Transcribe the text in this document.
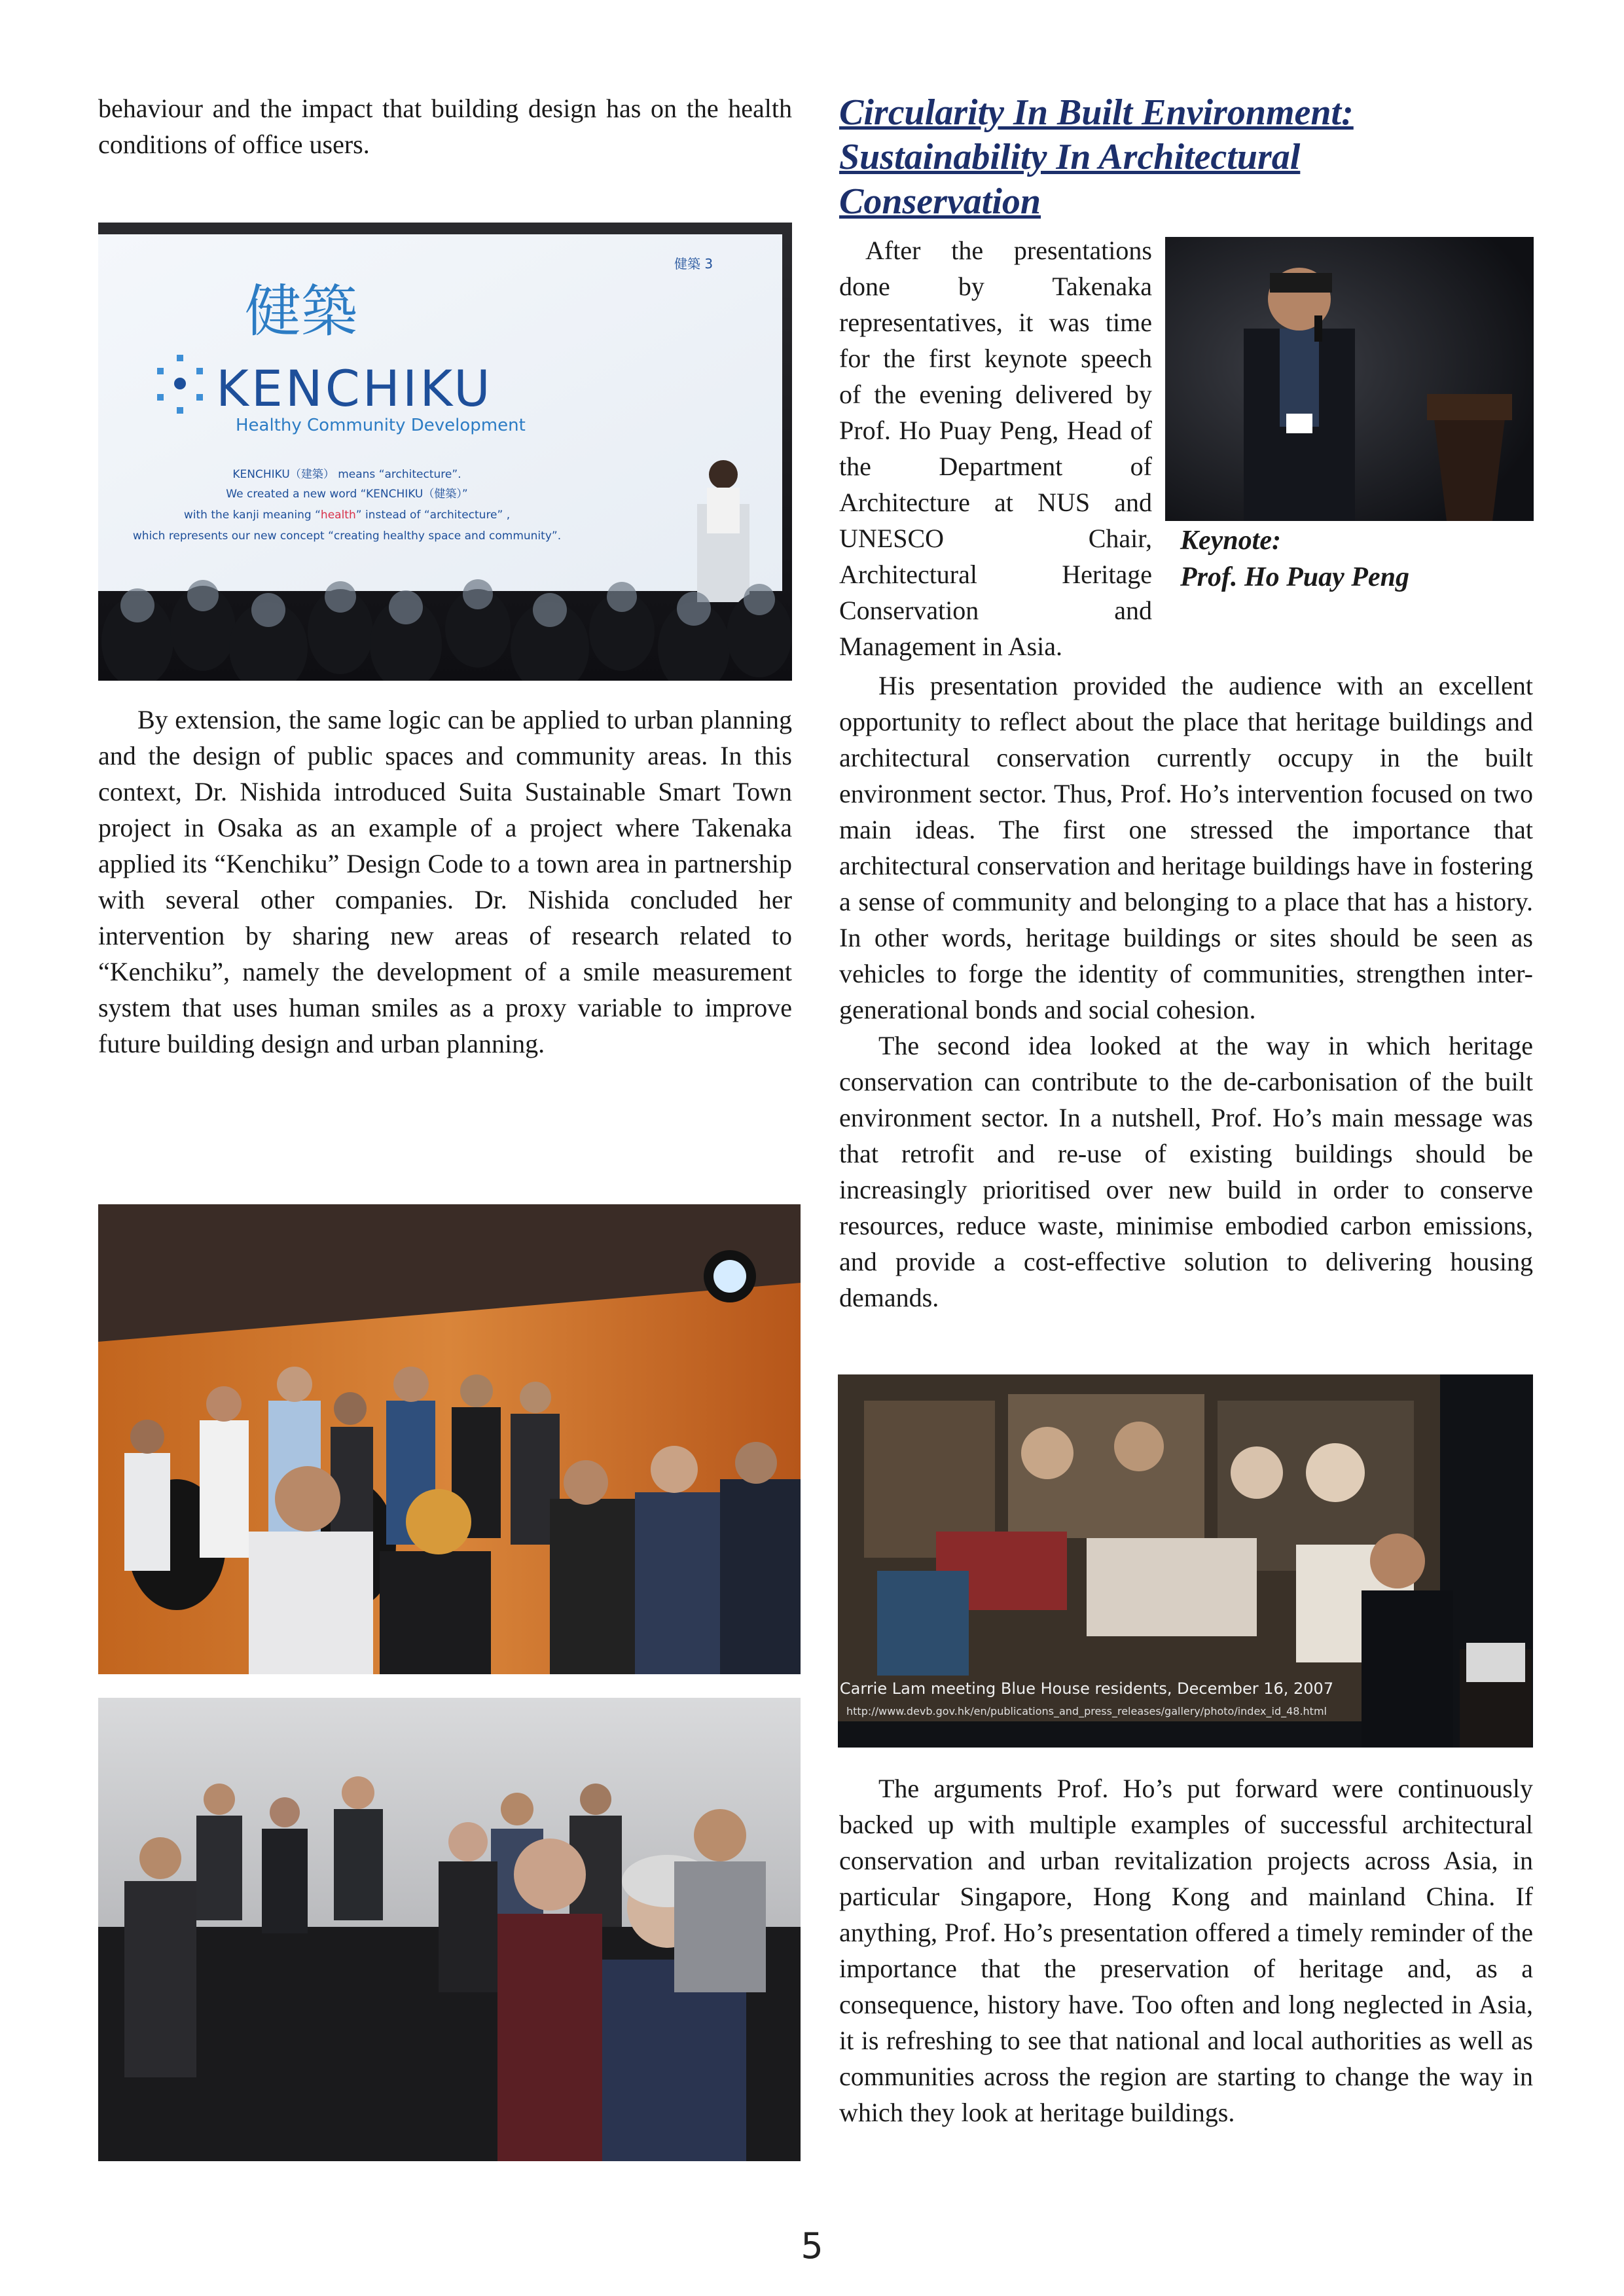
behaviour and the impact that building design has on the health conditions of office users.

健築
KENCHIKU
Healthy Community Development
健築 3
KENCHIKU（建築） means “architecture”.
We created a new word “KENCHIKU（健築）”
with the kanji meaning “health” instead of “architecture” ,
which represents our new concept “creating healthy space and community”.

By extension, the same logic can be applied to urban planning and the design of public spaces and community areas. In this context, Dr. Nishida introduced Suita Sustainable Smart Town project in Osaka as an example of a project where Takenaka applied its “Kenchiku” Design Code to a town area in partnership with several other companies. Dr. Nishida concluded her intervention by sharing new areas of research related to “Kenchiku”, namely the development of a smile measurement system that uses human smiles as a proxy variable to improve future building design and urban planning.

Circularity In Built Environment:
Sustainability In Architectural
Conservation

After the presentations done by Takenaka representatives, it was time for the first keynote speech of the evening delivered by Prof. Ho Puay Peng, Head of the Department of Architecture at NUS and UNESCO Chair, Architectural Heritage Conservation and Management in Asia.

Keynote:
Prof. Ho Puay Peng

His presentation provided the audience with an excellent opportunity to reflect about the place that heritage buildings and architectural conservation currently occupy in the built environment sector. Thus, Prof. Ho’s intervention focused on two main ideas. The first one stressed the importance that architectural conservation and heritage buildings have in fostering a sense of community and belonging to a place that has a history. In other words, heritage buildings or sites should be seen as vehicles to forge the identity of communities, strengthen inter-generational bonds and social cohesion.

The second idea looked at the way in which heritage conservation can contribute to the de-carbonisation of the built environment sector. In a nutshell, Prof. Ho’s main message was that retrofit and re-use of existing buildings should be increasingly prioritised over new build in order to conserve resources, reduce waste, minimise embodied carbon emissions, and provide a cost-effective solution to delivering housing demands.

Carrie Lam meeting Blue House residents, December 16, 2007
http://www.devb.gov.hk/en/publications_and_press_releases/gallery/photo/index_id_48.html

The arguments Prof. Ho’s put forward were continuously backed up with multiple examples of successful architectural conservation and urban revitalization projects across Asia, in particular Singapore, Hong Kong and mainland China. If anything, Prof. Ho’s presentation offered a timely reminder of the importance that the preservation of heritage and, as a consequence, history have. Too often and long neglected in Asia, it is refreshing to see that national and local authorities as well as communities across the region are starting to change the way in which they look at heritage buildings.

5
